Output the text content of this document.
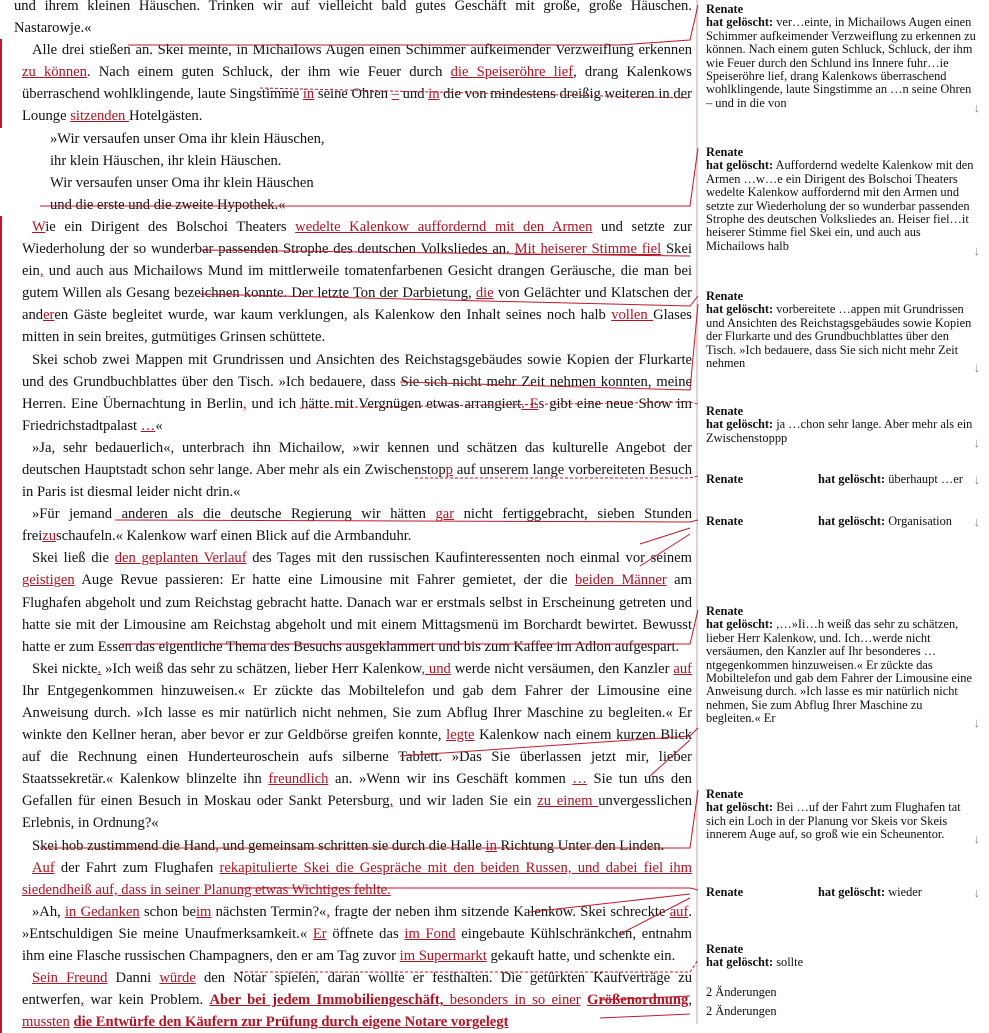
und ihrem kleinen Häuschen. Trinken wir auf vielleicht bald gutes Geschäft mit große, große Häuschen. Nastarowje.«

Alle drei stießen an. Skei meinte, in Michailows Augen einen Schimmer aufkeimender Verzweiflung erkennen zu können. Nach einem guten Schluck, der ihm wie Feuer durch die Speiseröhre lief, drang Kalenkows überraschend wohlklingende, laute Singstimme in seine Ohren – und in die von mindestens dreißig weiteren in der Lounge sitzenden Hotelgästen.

»Wir versaufen unser Oma ihr klein Häuschen,

ihr klein Häuschen, ihr klein Häuschen.

Wir versaufen unser Oma ihr klein Häuschen

und die erste und die zweite Hypothek.«

Wie ein Dirigent des Bolschoi Theaters wedelte Kalenkow auffordernd mit den Armen und setzte zur Wiederholung der so wunderbar passenden Strophe des deutschen Volksliedes an. Mit heiserer Stimme fiel Skei ein, und auch aus Michailows Mund im mittlerweile tomatenfarbenen Gesicht drangen Geräusche, die man bei gutem Willen als Gesang bezeichnen konnte. Der letzte Ton der Darbietung, die von Gelächter und Klatschen der anderen Gäste begleitet wurde, war kaum verklungen, als Kalenkow den Inhalt seines noch halb vollen Glases mitten in sein breites, gutmütiges Grinsen schüttete.

Skei schob zwei Mappen mit Grundrissen und Ansichten des Reichstagsgebäudes sowie Kopien der Flurkarte und des Grundbuchblattes über den Tisch. »Ich bedauere, dass Sie sich nicht mehr Zeit nehmen konnten, meine Herren. Eine Übernachtung in Berlin, und ich hätte mit Vergnügen etwas arrangiert. Es gibt eine neue Show im Friedrichstadtpalast …«

»Ja, sehr bedauerlich«, unterbrach ihn Michailow, »wir kennen und schätzen das kulturelle Angebot der deutschen Hauptstadt schon sehr lange. Aber mehr als ein Zwischenstopp auf unserem lange vorbereiteten Besuch in Paris ist diesmal leider nicht drin.«

»Für jemand anderen als die deutsche Regierung wir hätten gar nicht fertiggebracht, sieben Stunden freizuschaufeln.« Kalenkow warf einen Blick auf die Armbanduhr.

Skei ließ die den geplanten Verlauf des Tages mit den russischen Kaufinteressenten noch einmal vor seinem geistigen Auge Revue passieren: Er hatte eine Limousine mit Fahrer gemietet, der die beiden Männer am Flughafen abgeholt und zum Reichstag gebracht hatte. Danach war er erstmals selbst in Erscheinung getreten und hatte sie mit der Limousine am Reichstag abgeholt und mit einem Mittagsmenü im Borchardt bewirtet. Bewusst hatte er zum Essen das eigentliche Thema des Besuchs ausgeklammert und bis zum Kaffee im Adlon aufgespart.

Skei nickte. »Ich weiß das sehr zu schätzen, lieber Herr Kalenkow, und werde nicht versäumen, den Kanzler auf Ihr Entgegenkommen hinzuweisen.« Er zückte das Mobiltelefon und gab dem Fahrer der Limousine eine Anweisung durch. »Ich lasse es mir natürlich nicht nehmen, Sie zum Abflug Ihrer Maschine zu begleiten.« Er winkte den Kellner heran, aber bevor er zur Geldbörse greifen konnte, legte Kalenkow nach einem kurzen Blick auf die Rechnung einen Hunderteuroschein aufs silberne Tablett. »Das Sie überlassen jetzt mir, lieber Staatssekretär.« Kalenkow blinzelte ihn freundlich an. »Wenn wir ins Geschäft kommen … Sie tun uns den Gefallen für einen Besuch in Moskau oder Sankt Petersburg, und wir laden Sie ein zu einem unvergesslichen Erlebnis, in Ordnung?«

Skei hob zustimmend die Hand, und gemeinsam schritten sie durch die Halle in Richtung Unter den Linden.

Auf der Fahrt zum Flughafen rekapitulierte Skei die Gespräche mit den beiden Russen, und dabei fiel ihm siedendheiß auf, dass in seiner Planung etwas Wichtiges fehlte.

»Ah, in Gedanken schon beim nächsten Termin?«, fragte der neben ihm sitzende Kalenkow. Skei schreckte auf. »Entschuldigen Sie meine Unaufmerksamkeit.« Er öffnete das im Fond eingebaute Kühlschränkchen, entnahm ihm eine Flasche russischen Champagners, den er am Tag zuvor im Supermarkt gekauft hatte, und schenkte ein.

Sein Freund Danni würde den Notar spielen, daran wollte er festhalten. Die getürkten Kaufverträge zu entwerfen, war kein Problem. Aber bei jedem Immobiliengeschäft, besonders in so einer Größenordnung, mussten die Entwürfe den Käufern zur Prüfung durch eigene Notare vorgelegt

Renate
hat gelöscht: ver…einte, in Michailows Augen einen Schimmer aufkeimender Verzweiflung zu erkennen zu können. Nach einem guten Schluck, Schluck, der ihm wie Feuer durch den Schlund ins Innere fuhr…ie Speiseröhre lief, drang Kalenkows überraschend wohlklingende, laute Singstimme an …n seine Ohren – und in die von	↓
Renate
hat gelöscht: Auffordernd wedelte Kalenkow mit den Armen …w…e ein Dirigent des Bolschoi Theaters wedelte Kalenkow auffordernd mit den Armen und setzte zur Wiederholung der so wunderbar passenden Strophe des deutschen Volksliedes an. Heiser fiel…it heiserer Stimme fiel Skei ein, und auch aus Michailows halb	↓
Renate
hat gelöscht: vorbereitete …appen mit Grundrissen und Ansichten des Reichstagsgebäudes sowie Kopien der Flurkarte und des Grundbuchblattes über den Tisch. »Ich bedauere, dass Sie sich nicht mehr Zeit nehmen	↓
Renate
hat gelöscht: ja …chon sehr lange. Aber mehr als ein Zwischenstoppp	↓
Renate	hat gelöscht: überhaupt …er ↓
Renate	hat gelöscht: Organisation ↓
Renate
hat gelöscht: ,…»Ii…h weiß das sehr zu schätzen, lieber Herr Kalenkow, und. Ich…werde nicht versäumen, den Kanzler auf Ihr besonderes …ntgegenkommen hinzuweisen.« Er zückte das Mobiltelefon und gab dem Fahrer der Limousine eine Anweisung durch. »Ich lasse es mir natürlich nicht nehmen, Sie zum Abflug Ihrer Maschine zu begleiten.« Er	↓
Renate
hat gelöscht: Bei …uf der Fahrt zum Flughafen tat sich ein Loch in der Planung vor Skeis vor Skeis innerem Auge auf, so groß wie ein Scheunentor. ↓
Renate	hat gelöscht: wieder	↓
Renate
hat gelöscht: sollte
2 Änderungen
2 Änderungen
